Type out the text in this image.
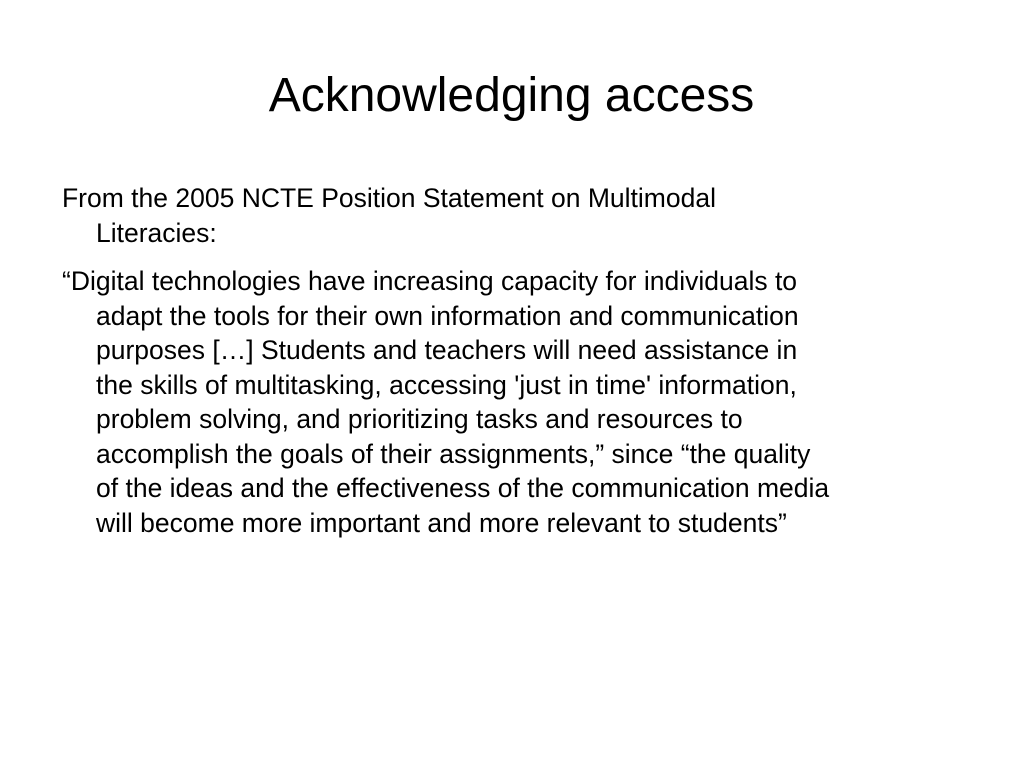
Acknowledging access
From the 2005 NCTE Position Statement on Multimodal
Literacies:
“Digital technologies have increasing capacity for individuals to
adapt the tools for their own information and communication
purposes […] Students and teachers will need assistance in
the skills of multitasking, accessing 'just in time' information,
problem solving, and prioritizing tasks and resources to
accomplish the goals of their assignments,” since “the quality
of the ideas and the effectiveness of the communication media
will become more important and more relevant to students”
